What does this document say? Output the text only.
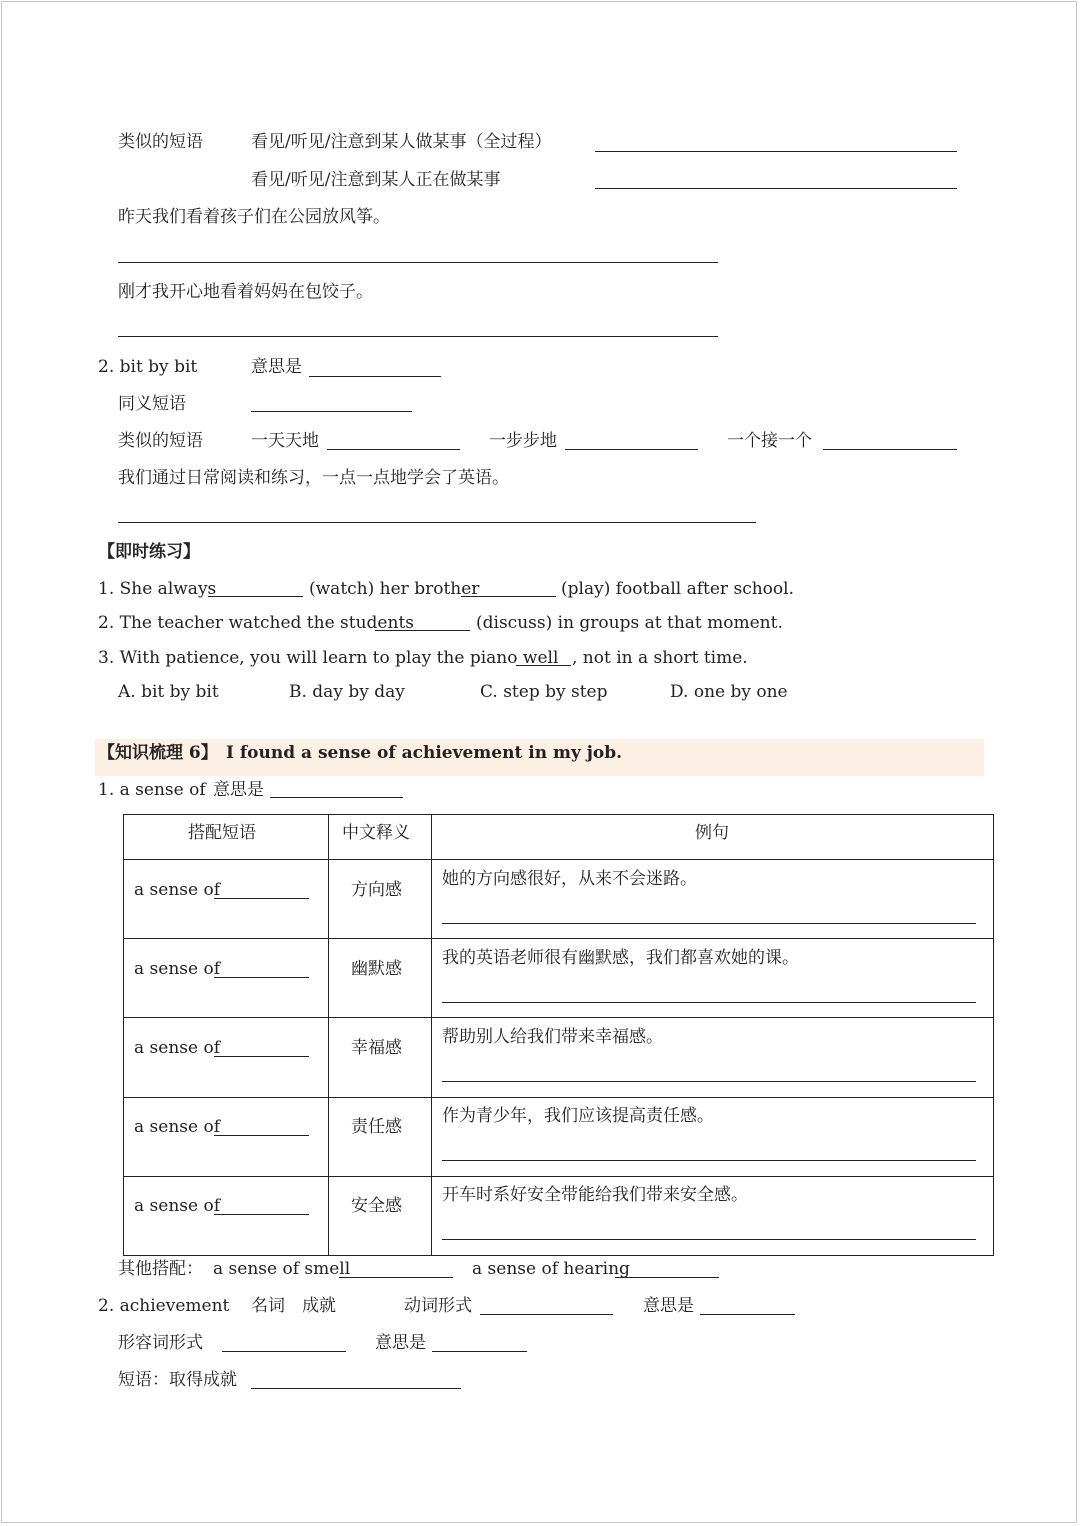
类似的短语	看见/听见/注意到某人做某事（全过程）
看见/听见/注意到某人正在做某事
昨天我们看着孩子们在公园放风筝。
刚才我开心地看着妈妈在包饺子。
2. bit by bit	意思是
同义短语
类似的短语	一天天地	一步步地	一个接一个
我们通过日常阅读和练习，一点一点地学会了英语。
【即时练习】
1. She always	(watch) her brother	(play) football after school.
2. The teacher watched the students	(discuss) in groups at that moment.
3. With patience, you will learn to play the piano well , not in a short time.
A. bit by bit	B. day by day	C. step by step	D. one by one
【知识梳理 6】 I found a sense of achievement in my job.
1. a sense of 意思是
搭配短语	中文释义	例句
a sense of	方向感
她的方向感很好，从来不会迷路。
a sense of	幽默感
我的英语老师很有幽默感，我们都喜欢她的课。
a sense of	幸福感
帮助别人给我们带来幸福感。
a sense of	责任感
作为青少年，我们应该提高责任感。
a sense of	安全感
开车时系好安全带能给我们带来安全感。
其他搭配： a sense of smell	a sense of hearing
2. achievement 名词　成就	动词形式	意思是
形容词形式	意思是
短语：取得成就
